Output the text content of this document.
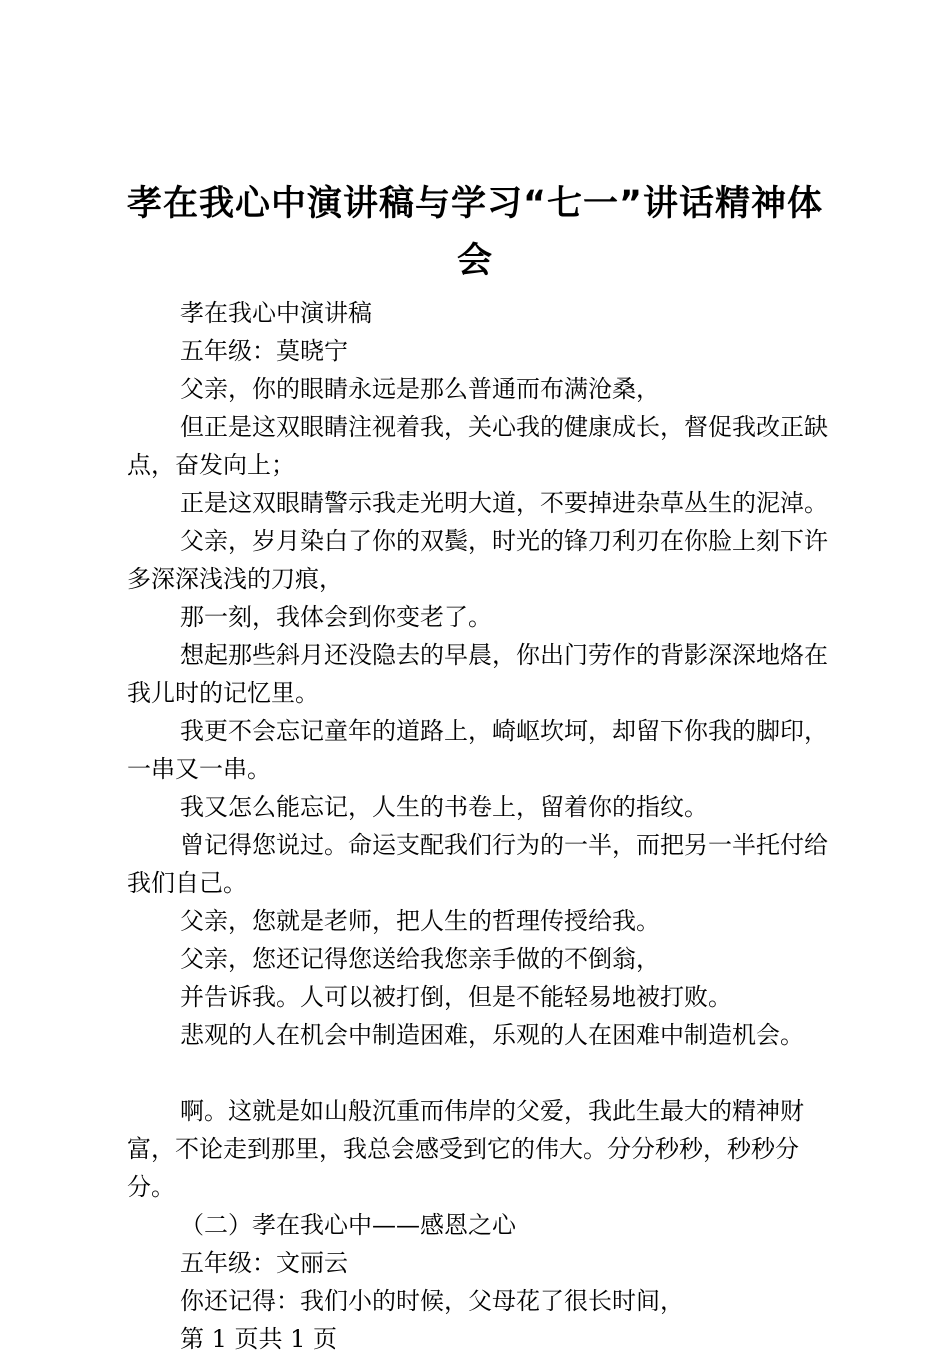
孝在我心中演讲稿与学习“七一”讲话精神体会

孝在我心中演讲稿

五年级：莫晓宁

父亲，你的眼睛永远是那么普通而布满沧桑，

但正是这双眼睛注视着我，关心我的健康成长，督促我改正缺点，奋发向上；

正是这双眼睛警示我走光明大道，不要掉进杂草丛生的泥淖。

父亲，岁月染白了你的双鬓，时光的锋刀利刃在你脸上刻下许多深深浅浅的刀痕，

那一刻，我体会到你变老了。

想起那些斜月还没隐去的早晨，你出门劳作的背影深深地烙在我儿时的记忆里。

我更不会忘记童年的道路上，崎岖坎坷，却留下你我的脚印，一串又一串。

我又怎么能忘记，人生的书卷上，留着你的指纹。

曾记得您说过。命运支配我们行为的一半，而把另一半托付给我们自己。

父亲，您就是老师，把人生的哲理传授给我。

父亲，您还记得您送给我您亲手做的不倒翁，

并告诉我。人可以被打倒，但是不能轻易地被打败。

悲观的人在机会中制造困难，乐观的人在困难中制造机会。

啊。这就是如山般沉重而伟岸的父爱，我此生最大的精神财富，不论走到那里，我总会感受到它的伟大。分分秒秒，秒秒分分。

（二）孝在我心中——感恩之心

五年级：文丽云

你还记得：我们小的时候，父母花了很长时间，

第 1 页共 1 页
